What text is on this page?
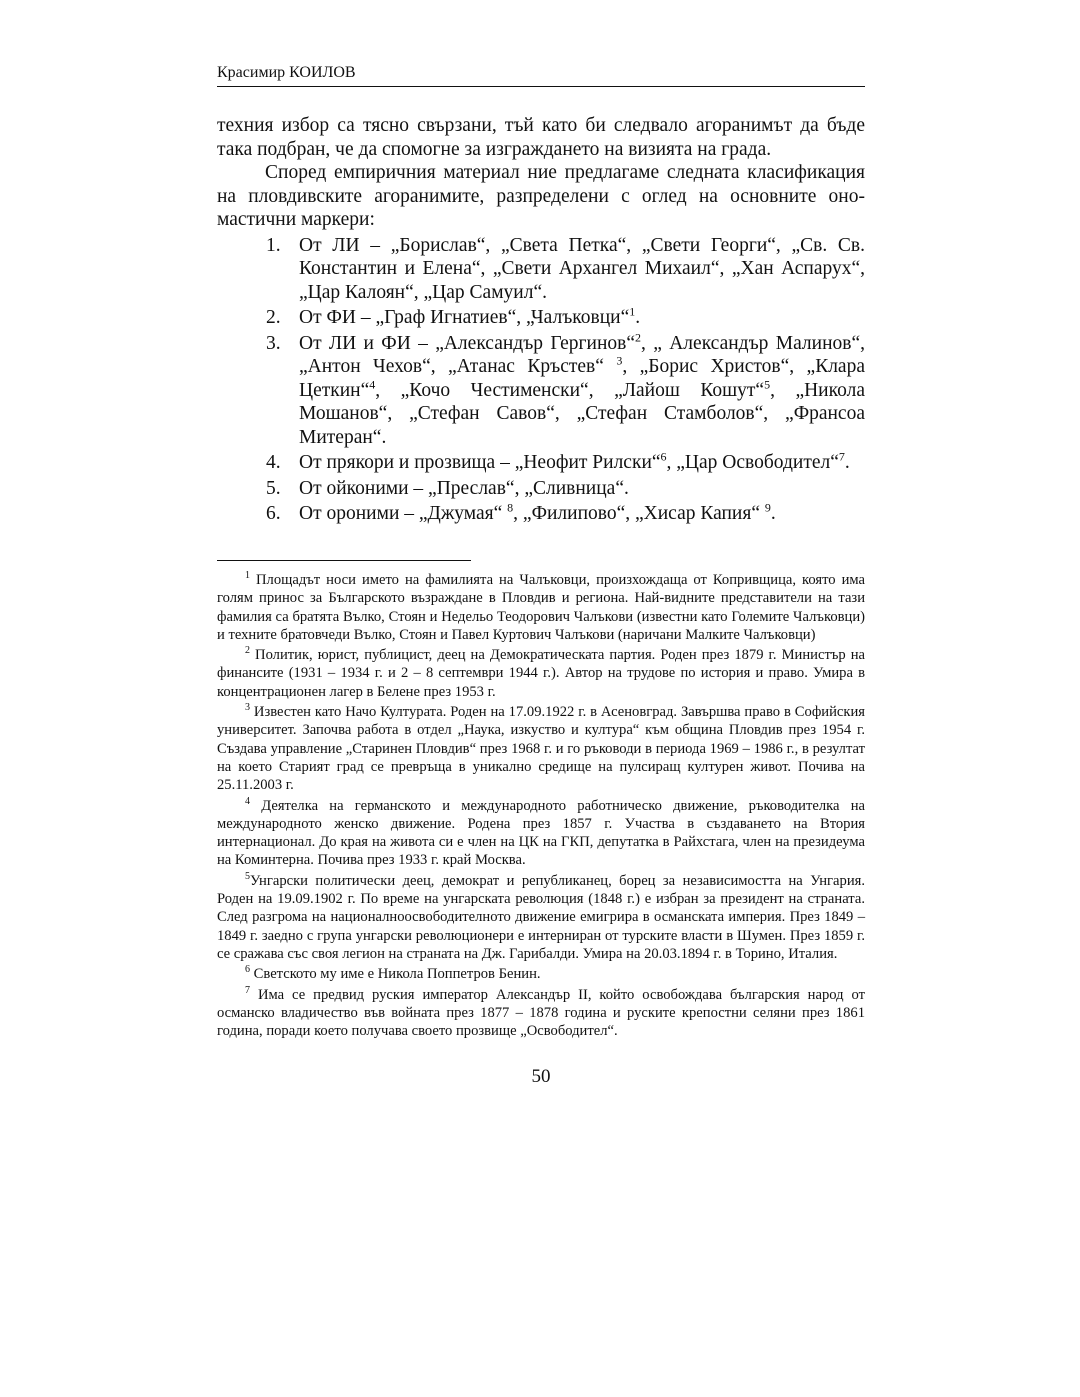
Красимир КОИЛОВ

техния избор са тясно свързани, тъй като би следвало агоранимът да бъде така подбран, че да спомогне за изграждането на визията на града.

Според емпиричния материал ние предлагаме следната класификация на пловдивските агоранимите, разпределени с оглед на основните ономастични маркери:

1. От ЛИ – „Борислав“, „Света Петка“, „Свети Георги“, „Св. Св. Константин и Елена“, „Свети Архангел Михаил“, „Хан Аспарух“, „Цар Калоян“, „Цар Самуил“.
2. От ФИ – „Граф Игнатиев“, „Чалъковци“$^1$.
3. От ЛИ и ФИ – „Александър Гергинов“$^2$, „ Александър Малинов“, „Антон Чехов“, „Атанас Кръстев“ $^3$, „Борис Христов“, „Клара Цеткин“$^4$, „Кочо Честименски“, „Лайош Кошут“$^5$, „Никола Мошанов“, „Стефан Савов“, „Стефан Стамболов“, „Франсоа Митеран“.
4. От прякори и прозвища – „Неофит Рилски“$^6$, „Цар Освободител“$^7$.
5. От ойконими – „Преслав“, „Сливница“.
6. От ороними – „Джумая“ $^8$, „Филипово“, „Хисар Капия“ $^9$.

$^1$ Площадът носи името на фамилията на Чалъковци, произхождаща от Копривщица, която има голям принос за Българското възраждане в Пловдив и региона. Най-видните представители на тази фамилия са братята Вълко, Стоян и Недельо Теодорович Чалъкови (известни като Големите Чалъковци) и техните братовчеди Вълко, Стоян и Павел Куртович Чалъкови (наричани Малките Чалъковци)

$^2$ Политик, юрист, публицист, деец на Демократическата партия. Роден през 1879 г. Министър на финансите (1931 – 1934 г. и 2 – 8 септември 1944 г.). Автор на трудове по история и право. Умира в концентрационен лагер в Белене през 1953 г.

$^3$ Известен като Начо Културата. Роден на 17.09.1922 г. в Асеновград. Завършва право в Софийския университет. Започва работа в отдел „Наука, изкуство и култура“ към община Пловдив през 1954 г. Създава управление „Старинен Пловдив“ през 1968 г. и го ръководи в периода 1969 – 1986 г., в резултат на което Старият град се превръща в уникално средище на пулсиращ културен живот. Почива на 25.11.2003 г.

$^4$ Деятелка на германското и международното работническо движение, ръководителка на международното женско движение. Родена през 1857 г. Участва в създаването на Втория интернационал. До края на живота си е член на ЦК на ГКП, депутатка в Райхстага, член на президеума на Коминтерна. Почива през 1933 г. край Москва.

$^5$Унгарски политически деец, демократ и републиканец, борец за независимостта на Унгария. Роден на 19.09.1902 г. По време на унгарската революция (1848 г.) е избран за президент на страната. След разгрома на националноосвободителното движение емигрира в османската империя. През 1849 – 1849 г. заедно с група унгарски революционери е интерниран от турските власти в Шумен. През 1859 г. се сражава със своя легион на страната на Дж. Гарибалди. Умира на 20.03.1894 г. в Торино, Италия.

$^6$ Светското му име е Никола Поппетров Бенин.

$^7$ Има се предвид руския император Александър II, който освобождава българския народ от османско владичество във войната през 1877 – 1878 година и руските крепостни селяни през 1861 година, поради което получава своето прозвище „Освободител“.

50
